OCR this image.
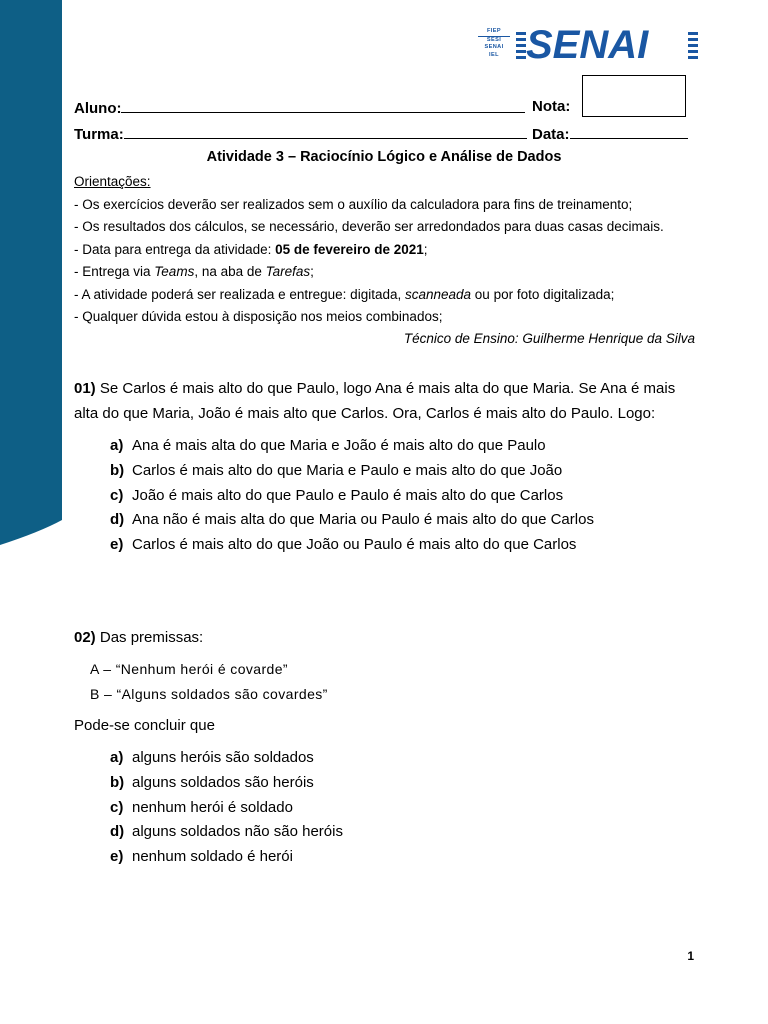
FIEP
SESI
SENAI
IEL SENAI
Aluno:	Nota:
Turma:	Data:
Atividade 3 – Raciocínio Lógico e Análise de Dados
Orientações:
- Os exercícios deverão ser realizados sem o auxílio da calculadora para fins de treinamento;
- Os resultados dos cálculos, se necessário, deverão ser arredondados para duas casas decimais.
- Data para entrega da atividade: 05 de fevereiro de 2021;
- Entrega via Teams, na aba de Tarefas;
- A atividade poderá ser realizada e entregue: digitada, scanneada ou por foto digitalizada;
- Qualquer dúvida estou à disposição nos meios combinados;
Técnico de Ensino: Guilherme Henrique da Silva
01) Se Carlos é mais alto do que Paulo, logo Ana é mais alta do que Maria. Se Ana é mais
alta do que Maria, João é mais alto que Carlos. Ora, Carlos é mais alto do Paulo. Logo:
a) Ana é mais alta do que Maria e João é mais alto do que Paulo
b) Carlos é mais alto do que Maria e Paulo e mais alto do que João
c) João é mais alto do que Paulo e Paulo é mais alto do que Carlos
d) Ana não é mais alta do que Maria ou Paulo é mais alto do que Carlos
e) Carlos é mais alto do que João ou Paulo é mais alto do que Carlos
02) Das premissas:
A – “Nenhum herói é covarde”
B – “Alguns soldados são covardes”
Pode-se concluir que
a) alguns heróis são soldados
b) alguns soldados são heróis
c) nenhum herói é soldado
d) alguns soldados não são heróis
e) nenhum soldado é herói
1
